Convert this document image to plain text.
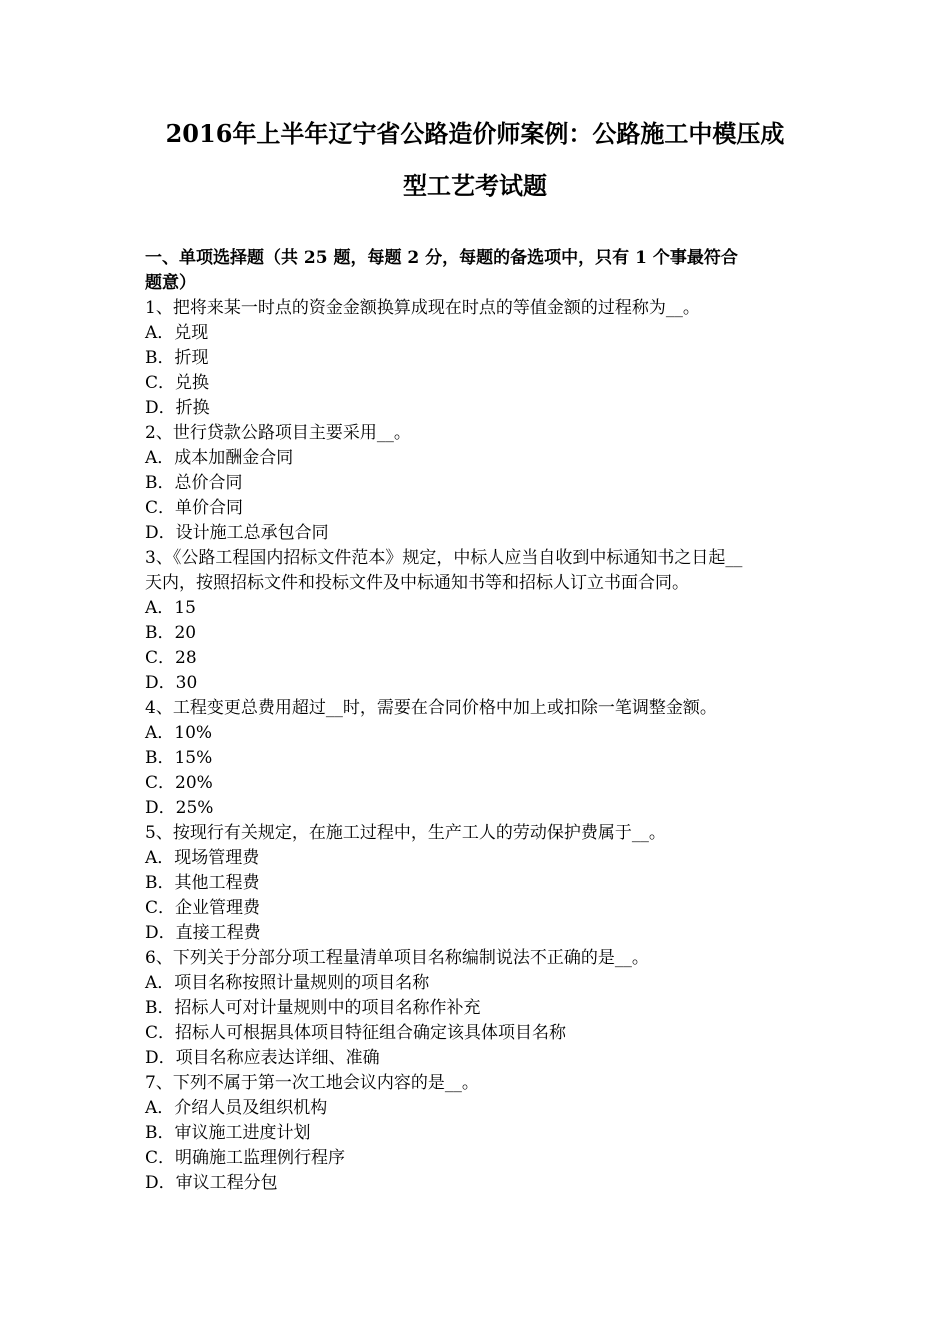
2016年上半年辽宁省公路造价师案例：公路施工中模压成
型工艺考试题
一、单项选择题（共 25 题，每题 2 分，每题的备选项中，只有 1 个事最符合
题意）
1、把将来某一时点的资金金额换算成现在时点的等值金额的过程称为__。
A．兑现
B．折现
C．兑换
D．折换
2、世行贷款公路项目主要采用__。
A．成本加酬金合同
B．总价合同
C．单价合同
D．设计施工总承包合同
3、《公路工程国内招标文件范本》规定，中标人应当自收到中标通知书之日起__
天内，按照招标文件和投标文件及中标通知书等和招标人订立书面合同。
A．15
B．20
C．28
D．30
4、工程变更总费用超过__时，需要在合同价格中加上或扣除一笔调整金额。
A．10%
B．15%
C．20%
D．25%
5、按现行有关规定，在施工过程中，生产工人的劳动保护费属于__。
A．现场管理费
B．其他工程费
C．企业管理费
D．直接工程费
6、下列关于分部分项工程量清单项目名称编制说法不正确的是__。
A．项目名称按照计量规则的项目名称
B．招标人可对计量规则中的项目名称作补充
C．招标人可根据具体项目特征组合确定该具体项目名称
D．项目名称应表达详细、准确
7、下列不属于第一次工地会议内容的是__。
A．介绍人员及组织机构
B．审议施工进度计划
C．明确施工监理例行程序
D．审议工程分包
